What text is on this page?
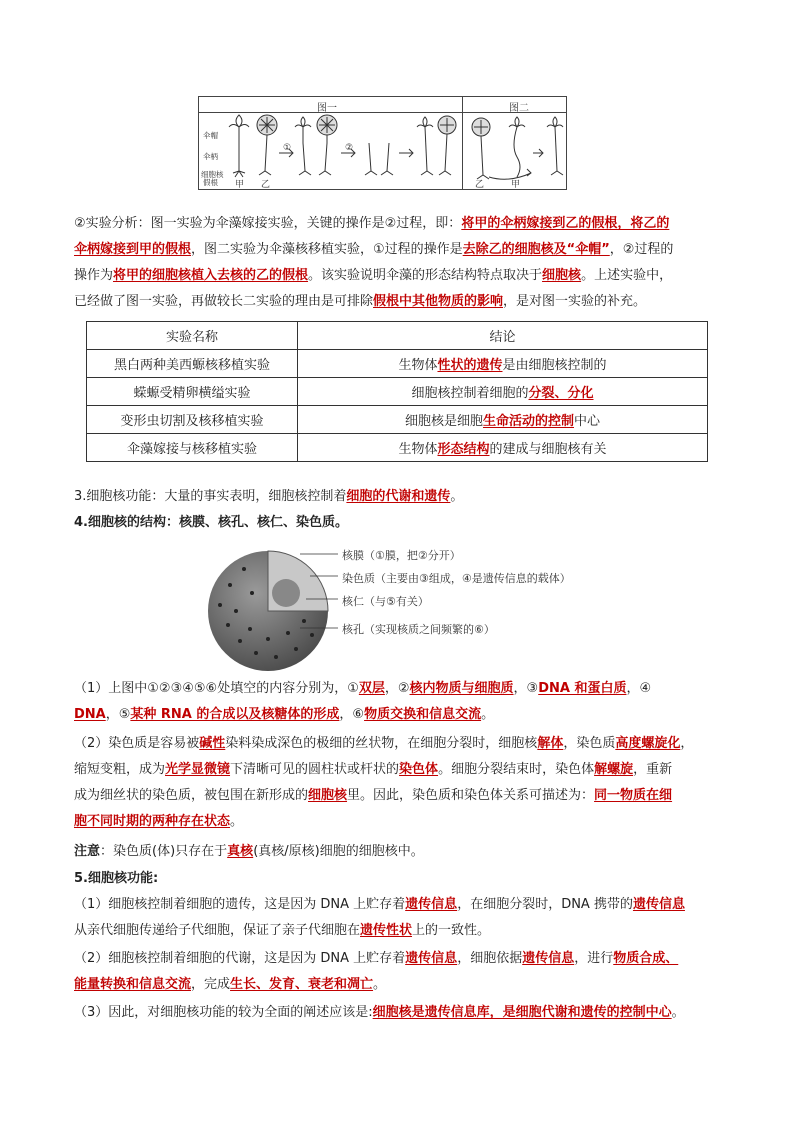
图一	图二
伞帽
伞柄
细胞核
假根 甲 乙
①	②
乙	甲
②实验分析：图一实验为伞藻嫁接实验，关键的操作是②过程，即：将甲的伞柄嫁接到乙的假根，将乙的
伞柄嫁接到甲的假根，图二实验为伞藻核移植实验，①过程的操作是去除乙的细胞核及“伞帽”，②过程的
操作为将甲的细胞核植入去核的乙的假根。该实验说明伞藻的形态结构特点取决于细胞核。上述实验中，
已经做了图一实验，再做较长二实验的理由是可排除假根中其他物质的影响，是对图一实验的补充。
实验名称	结论
黑白两种美西螈核移植实验	生物体性状的遗传是由细胞核控制的
蝾螈受精卵横缢实验	细胞核控制着细胞的分裂、分化
变形虫切割及核移植实验	细胞核是细胞生命活动的控制中心
伞藻嫁接与核移植实验	生物体形态结构的建成与细胞核有关
3.细胞核功能：大量的事实表明，细胞核控制着细胞的代谢和遗传。
4.细胞核的结构：核膜、核孔、核仁、染色质。
核膜（①膜，把②分开）
染色质（主要由③组成，④是遗传信息的载体）
核仁（与⑤有关）
核孔（实现核质之间频繁的⑥）
（1）上图中①②③④⑤⑥处填空的内容分别为，①双层，②核内物质与细胞质，③DNA 和蛋白质，④
DNA，⑤某种 RNA 的合成以及核糖体的形成，⑥物质交换和信息交流。
（2）染色质是容易被碱性染料染成深色的极细的丝状物，在细胞分裂时，细胞核解体，染色质高度螺旋化，
缩短变粗，成为光学显微镜下清晰可见的圆柱状或杆状的染色体。细胞分裂结束时，染色体解螺旋，重新
成为细丝状的染色质，被包围在新形成的细胞核里。因此，染色质和染色体关系可描述为：同一物质在细
胞不同时期的两种存在状态。
注意：染色质(体)只存在于真核(真核/原核)细胞的细胞核中。
5.细胞核功能:
（1）细胞核控制着细胞的遗传，这是因为 DNA 上贮存着遗传信息，在细胞分裂时，DNA 携带的遗传信息
从亲代细胞传递给子代细胞，保证了亲子代细胞在遗传性状上的一致性。
（2）细胞核控制着细胞的代谢，这是因为 DNA 上贮存着遗传信息，细胞依据遗传信息，进行物质合成、
能量转换和信息交流，完成生长、发育、衰老和凋亡。
（3）因此，对细胞核功能的较为全面的阐述应该是:细胞核是遗传信息库，是细胞代谢和遗传的控制中心。
